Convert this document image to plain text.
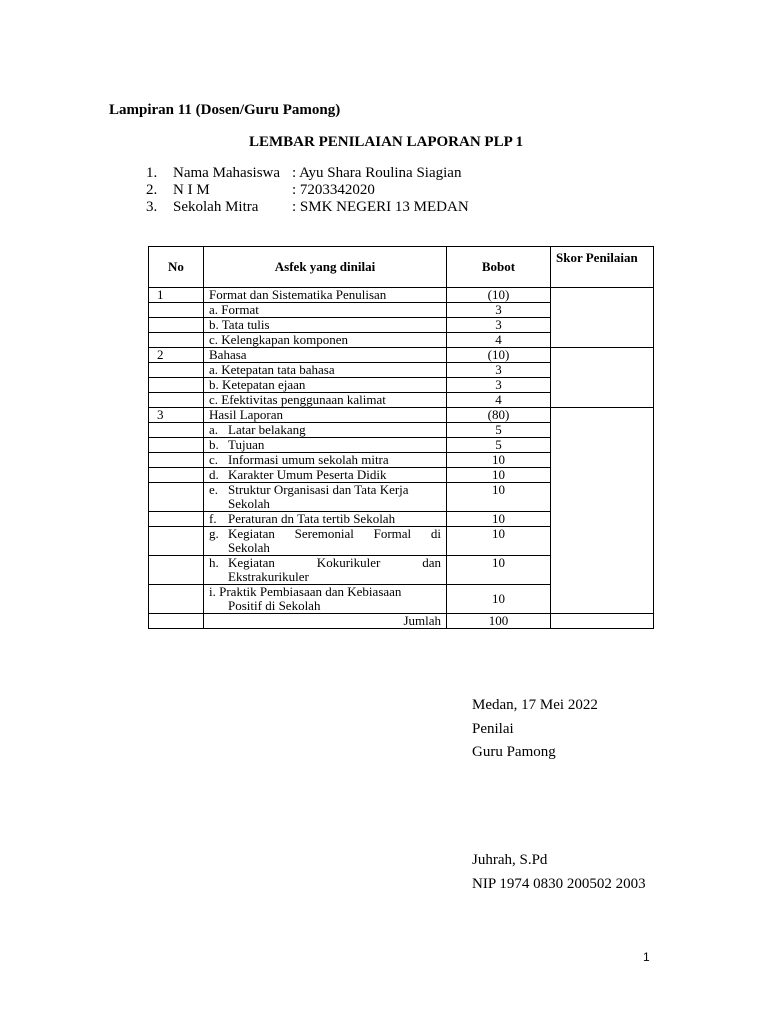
Lampiran 11 (Dosen/Guru Pamong)
LEMBAR PENILAIAN LAPORAN PLP 1
1. Nama Mahasiswa : Ayu Shara Roulina Siagian
2. N I M	: 7203342020
3. Sekolah Mitra : SMK NEGERI 13 MEDAN
No	Asfek yang dinilai	Bobot	Skor Penilaian
1	Format dan Sistematika Penulisan	(10)	
	a. Format	3	
	b. Tata tulis	3	
	c. Kelengkapan komponen	4	
2	Bahasa	(10)	
	a. Ketepatan tata bahasa	3	
	b. Ketepatan ejaan	3	
	c. Efektivitas penggunaan kalimat	4	
3	Hasil Laporan	(80)	

	a. Latar belakang	5	

	b. Tujuan	5	

	c. Informasi umum sekolah mitra	10	

	d. Karakter Umum Peserta Didik	10	

	e. Struktur Organisasi dan Tata Kerja
Sekolah	10	

	f. Peraturan dn Tata tertib Sekolah	10	

	g. Kegiatan Seremonial Formal di
Sekolah	10	

	h. Kegiatan Kokurikuler dan
Ekstrakurikuler	10	

	i. Praktik Pembiasaan dan Kebiasaan
Positif di Sekolah	10	
	Jumlah	100	
Medan, 17 Mei 2022
Penilai
Guru Pamong
Juhrah, S.Pd
NIP 1974 0830 200502 2003
1
